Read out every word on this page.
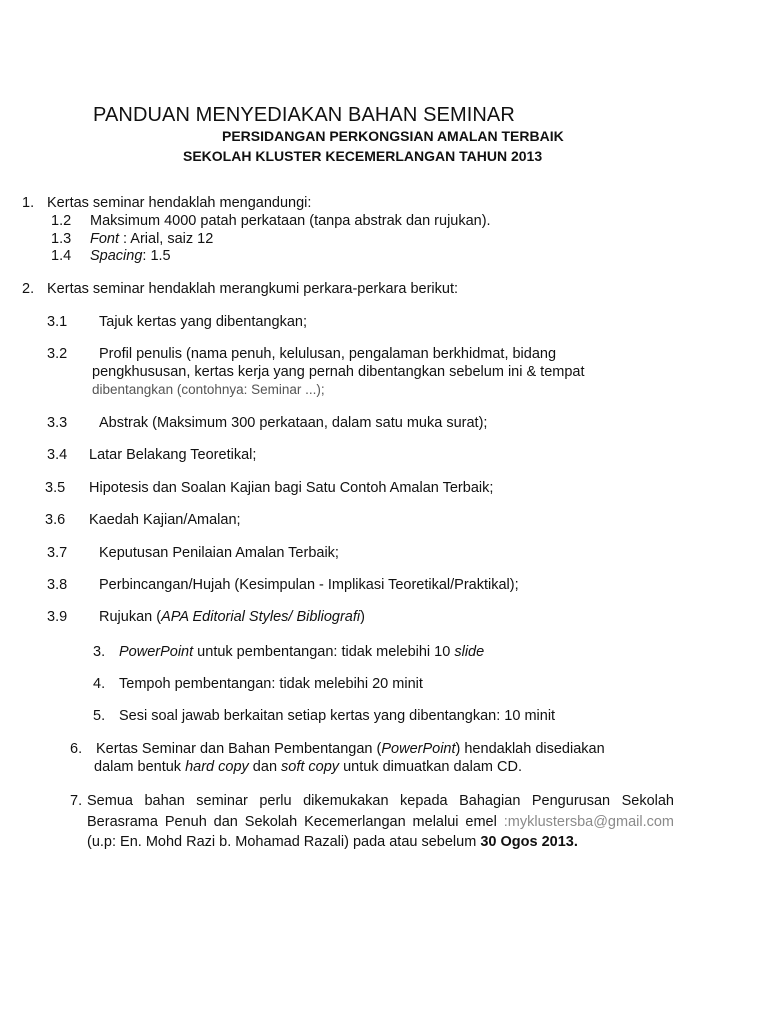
PANDUAN MENYEDIAKAN BAHAN SEMINAR
PERSIDANGAN PERKONGSIAN AMALAN TERBAIK
SEKOLAH KLUSTER KECEMERLANGAN TAHUN 2013
1. Kertas seminar hendaklah mengandungi:
1.2 Maksimum 4000 patah perkataan (tanpa abstrak dan rujukan).
1.3 Font : Arial, saiz 12
1.4 Spacing: 1.5
2. Kertas seminar hendaklah merangkumi perkara-perkara berikut:
3.1 Tajuk kertas yang dibentangkan;
3.2 Profil penulis (nama penuh, kelulusan, pengalaman berkhidmat, bidang
pengkhususan, kertas kerja yang pernah dibentangkan sebelum ini & tempat
dibentangkan (contohnya: Seminar ...);
3.3 Abstrak (Maksimum 300 perkataan, dalam satu muka surat);
3.4 Latar Belakang Teoretikal;
3.5 Hipotesis dan Soalan Kajian bagi Satu Contoh Amalan Terbaik;
3.6 Kaedah Kajian/Amalan;
3.7 Keputusan Penilaian Amalan Terbaik;
3.8 Perbincangan/Hujah (Kesimpulan - Implikasi Teoretikal/Praktikal);
3.9 Rujukan (APA Editorial Styles/ Bibliografi)
3. PowerPoint untuk pembentangan: tidak melebihi 10 slide
4. Tempoh pembentangan: tidak melebihi 20 minit
5. Sesi soal jawab berkaitan setiap kertas yang dibentangkan: 10 minit
6. Kertas Seminar dan Bahan Pembentangan (PowerPoint) hendaklah disediakan
dalam bentuk hard copy dan soft copy untuk dimuatkan dalam CD.
7. Semua bahan seminar perlu dikemukakan kepada Bahagian Pengurusan Sekolah Berasrama Penuh dan Sekolah Kecemerlangan melalui emel :myklustersba@gmail.com (u.p: En. Mohd Razi b. Mohamad Razali) pada atau sebelum 30 Ogos 2013.
